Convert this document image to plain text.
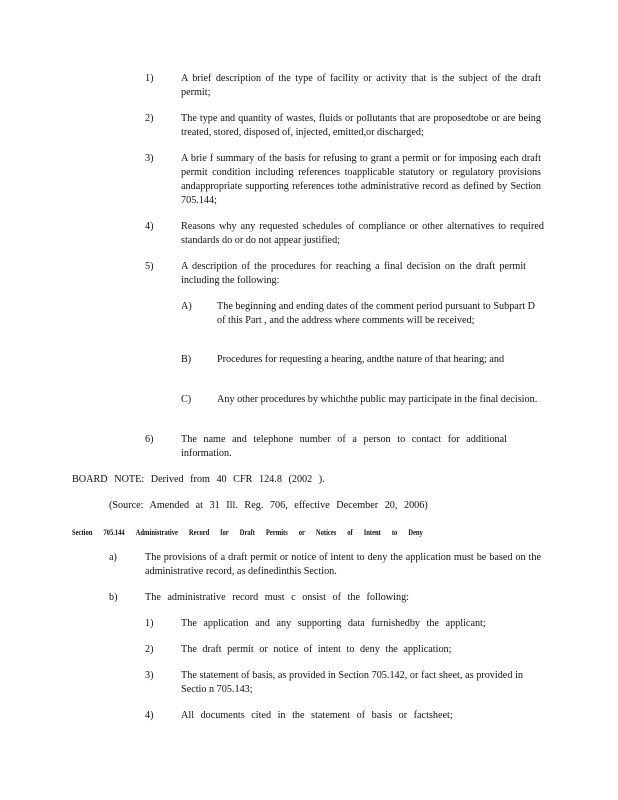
1)	A brief description of the type of facility or activity that is the subject of the draft permit;
2)	The type and quantity of wastes, fluids or pollutants that are proposedtobe or are being treated, stored, disposed of, injected, emitted,or discharged;
3)	A brie f summary of the basis for refusing to grant a permit or for imposing each draft permit condition including references toapplicable statutory or regulatory provisions andappropriate supporting references tothe administrative record as defined by Section 705.144;
4)	Reasons why any requested schedules of compliance or other alternatives to required standards do or do not appear justified;
5)	A description of the procedures for reaching a final decision on the draft permit including the following:
A) The beginning and ending dates of the comment period pursuant to Subpart D of this Part , and the address where comments will be received;
B)	Procedures for requesting a hearing, andthe nature of that hearing; and
C)	Any other procedures by whichthe public may participate in the final decision.
6)	The name and telephone number of a person to contact for additional information.
BOARD NOTE: Derived from 40 CFR 124.8 (2002 ).
(Source: Amended at 31 Ill. Reg. 706, effective December 20, 2006)
Section 705.144 Administrative Record for Draft Permits or Notices of Intent to Deny
a)	The provisions of a draft permit or notice of intent to deny the application must be based on the administrative record, as definedinthis Section.
b)	The administrative record must c onsist of the following:
1)	The application and any supporting data furnishedby the applicant;
2)	The draft permit or notice of intent to deny the application;
3)	The statement of basis, as provided in Section 705.142, or fact sheet, as provided in Sectio n 705.143;
4)	All documents cited in the statement of basis or factsheet;
